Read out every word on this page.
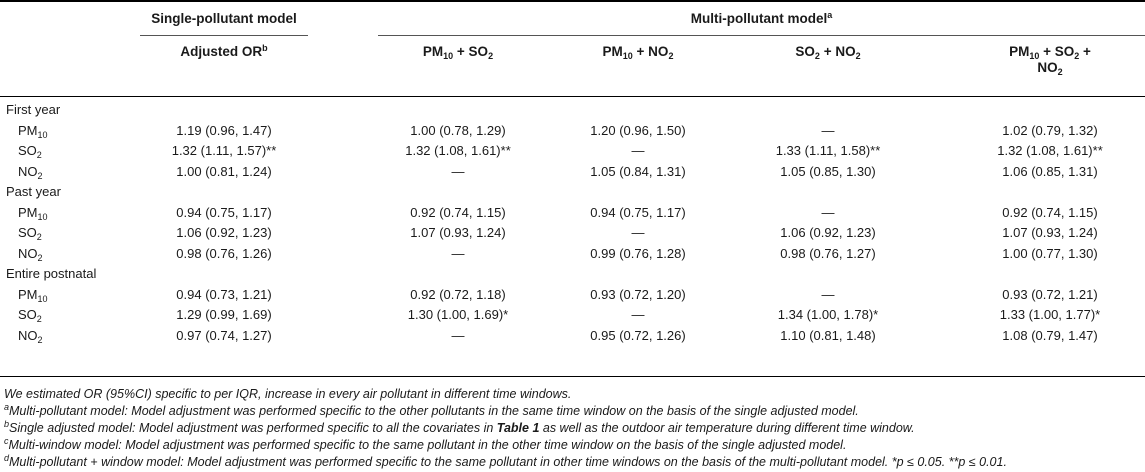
Single-pollutant model	Multi-pollutant model$^a$
Adjusted $OR^b$	$PM_{10} + SO_2$	$PM_{10} + NO_2$	$SO_2 + NO_2$	$PM_{10} + SO_2$ +
$NO_2$
First year
$PM_{10}$	1.19 (0.96, 1.47)	1.00 (0.78, 1.29)	1.20 (0.96, 1.50)	—	1.02 (0.79, 1.32)
$SO_2$	1.32 (1.11, 1.57)**	1.32 (1.08, 1.61)**	—	1.33 (1.11, 1.58)**	1.32 (1.08, 1.61)**
$NO_2$	1.00 (0.81, 1.24)	—	1.05 (0.84, 1.31)	1.05 (0.85, 1.30)	1.06 (0.85, 1.31)
Past year
$PM_{10}$	0.94 (0.75, 1.17)	0.92 (0.74, 1.15)	0.94 (0.75, 1.17)	—	0.92 (0.74, 1.15)
$SO_2$	1.06 (0.92, 1.23)	1.07 (0.93, 1.24)	—	1.06 (0.92, 1.23)	1.07 (0.93, 1.24)
$NO_2$	0.98 (0.76, 1.26)	—	0.99 (0.76, 1.28)	0.98 (0.76, 1.27)	1.00 (0.77, 1.30)
Entire postnatal
$PM_{10}$	0.94 (0.73, 1.21)	0.92 (0.72, 1.18)	0.93 (0.72, 1.20)	—	0.93 (0.72, 1.21)
$SO_2$	1.29 (0.99, 1.69)	1.30 (1.00, 1.69)*	—	1.34 (1.00, 1.78)*	1.33 (1.00, 1.77)*
$NO_2$	0.97 (0.74, 1.27)	—	0.95 (0.72, 1.26)	1.10 (0.81, 1.48)	1.08 (0.79, 1.47)
We estimated OR (95%CI) specific to per IQR, increase in every air pollutant in different time windows.
$^a$Multi-pollutant model: Model adjustment was performed specific to the other pollutants in the same time window on the basis of the single adjusted model.
$^b$Single adjusted model: Model adjustment was performed specific to all the covariates in Table 1 as well as the outdoor air temperature during different time window.
$^c$Multi-window model: Model adjustment was performed specific to the same pollutant in the other time window on the basis of the single adjusted model.
$^d$Multi-pollutant + window model: Model adjustment was performed specific to the same pollutant in other time windows on the basis of the multi-pollutant model. *p ≤ 0.05. **p ≤ 0.01.
